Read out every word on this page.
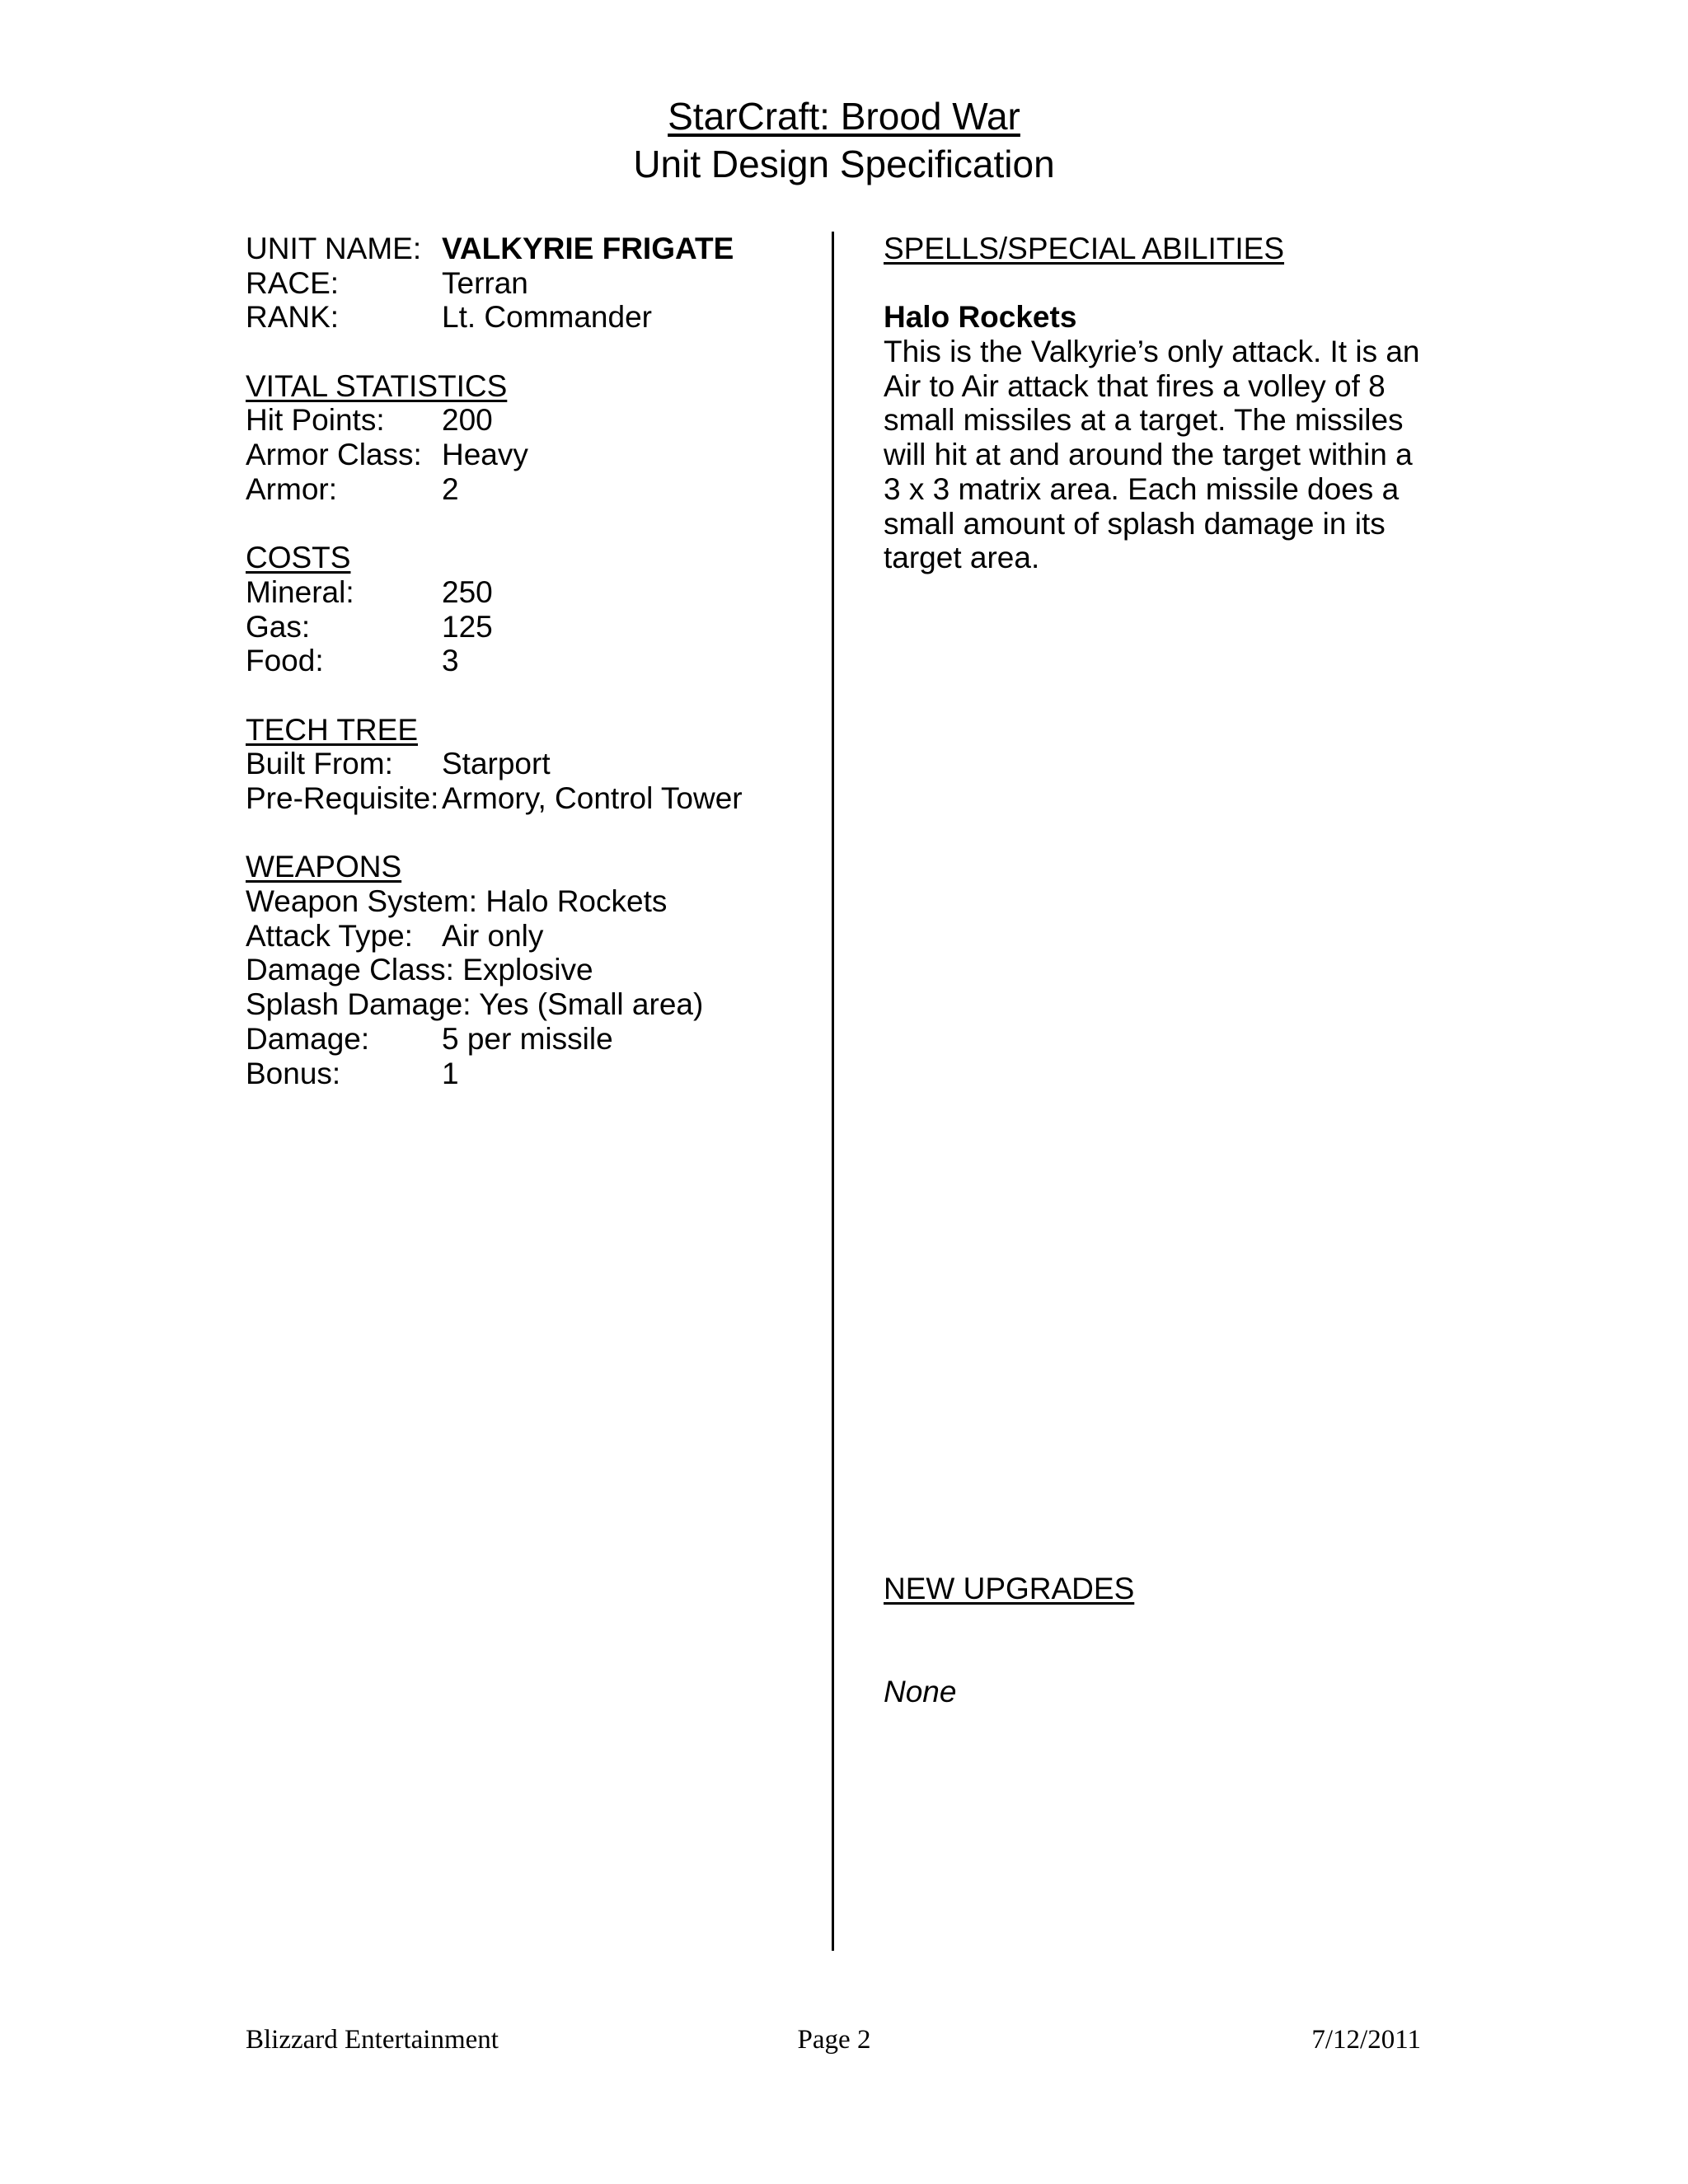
StarCraft: Brood War
Unit Design Specification
UNIT NAME: VALKYRIE FRIGATE
RACE:	Terran
RANK:	Lt. Commander
VITAL STATISTICS
Hit Points:	200
Armor Class: Heavy
Armor:	2
COSTS
Mineral:	250
Gas:	125
Food:	3
TECH TREE
Built From:	Starport
Pre-Requisite: Armory, Control Tower
WEAPONS
Weapon System: Halo Rockets
Attack Type: Air only
Damage Class: Explosive
Splash Damage: Yes (Small area)
Damage:	5 per missile
Bonus:	1
SPELLS/SPECIAL ABILITIES
Halo Rockets
This is the Valkyrie’s only attack. It is an
Air to Air attack that fires a volley of 8
small missiles at a target. The missiles
will hit at and around the target within a
3 x 3 matrix area. Each missile does a
small amount of splash damage in its
target area.
NEW UPGRADES
None
Blizzard Entertainment	Page 2	7/12/2011
